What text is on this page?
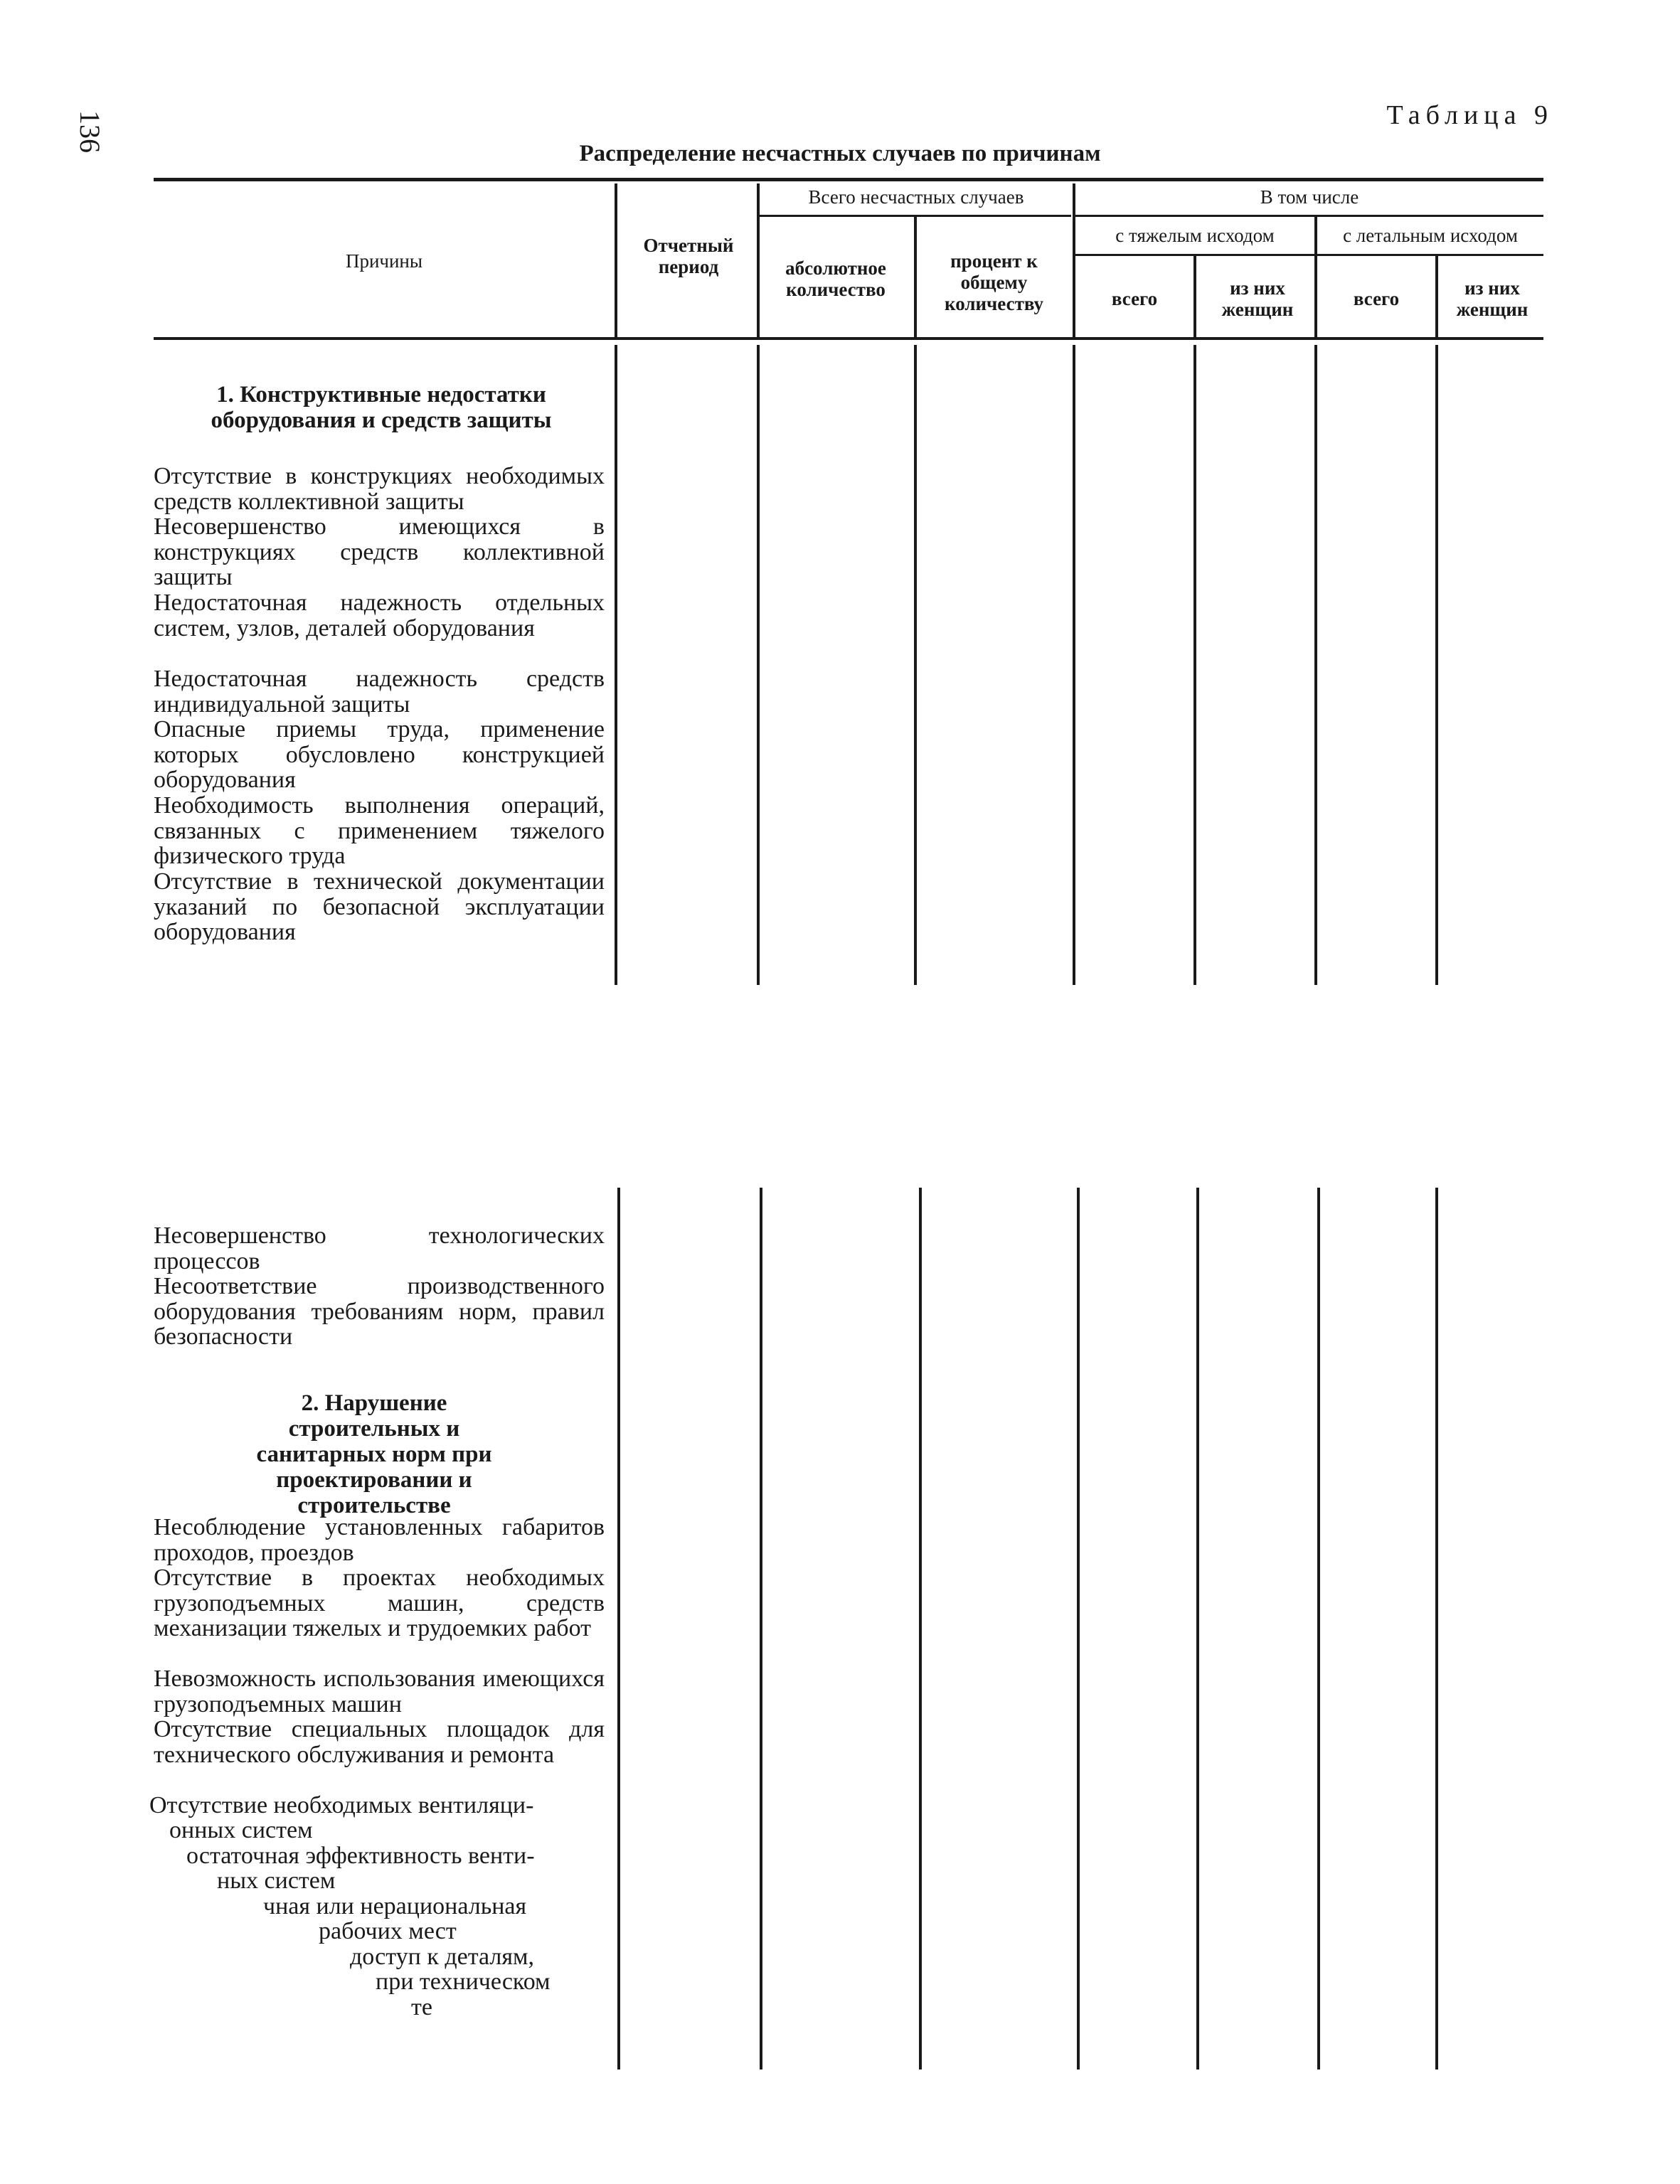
136	Таблица 9
Распределение несчастных случаев по причинам
Причины
Отчетный период
Всего несчастных случаев
абсолютное количество
процент к общему количеству
В том числе
с тяжелым исходом	с летальным исходом
всего	из них женщин	всего	из них женщин
1. Конструктивные недостатки оборудования и средств защиты
Отсутствие в конструкциях необходимых средств коллективной защиты
Несовершенство имеющихся в конструкциях средств коллективной защиты
Недостаточная надежность отдельных систем, узлов, деталей оборудования
Недостаточная надежность средств индивидуальной защиты
Опасные приемы труда, применение которых обусловлено конструкцией оборудования
Необходимость выполнения операций, связанных с применением тяжелого физического труда
Отсутствие в технической документации указаний по безопасной эксплуатации оборудования
Несовершенство технологических процессов
Несоответствие производственного оборудования требованиям норм, правил безопасности
2. Нарушение строительных и санитарных норм при проектировании и строительстве
Несоблюдение установленных габаритов проходов, проездов
Отсутствие в проектах необходимых грузоподъемных машин, средств механизации тяжелых и трудоемких работ
Невозможность использования имеющихся грузоподъемных машин
Отсутствие специальных площадок для технического обслуживания и ремонта
Отсутствие необходимых вентиляци-
онных систем
остаточная эффективность венти-
ных систем
чная или нерациональная
рабочих мест
доступ к деталям,
при техническом
те
